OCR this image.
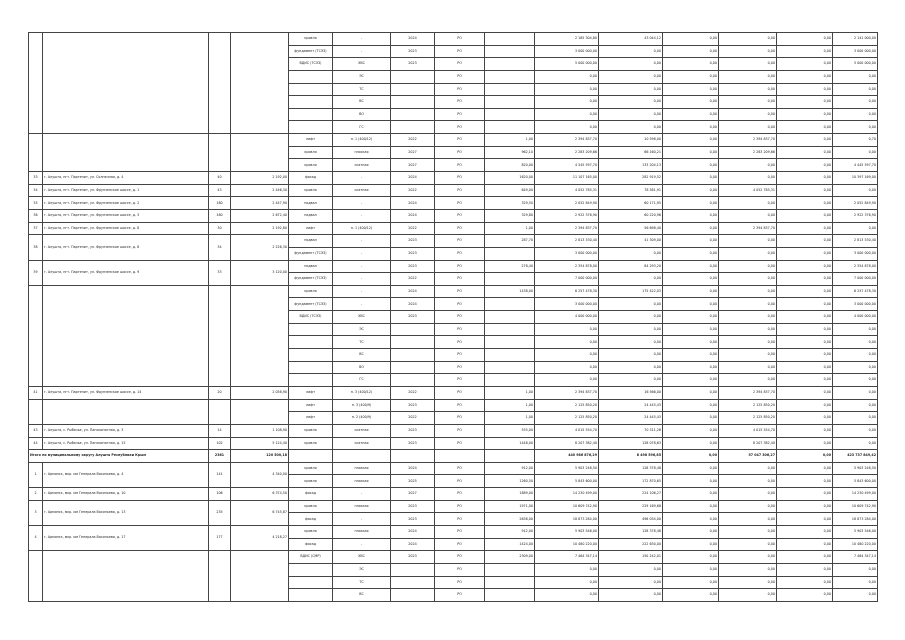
				кровля	-	2024	РО		2 185 304,80	43 044,12	0,00	0,00	0,00	2 141 000,00
				фундамент (ТСЭЗ)	-	2023	РО		3 000 000,00	0,00	0,00	0,00	0,00	3 000 000,00
				ВДИС (ТСЭЗ)	ХВС	2023	РО		5 000 000,00	0,00	0,00	0,00	0,00	5 000 000,00
					ЭС		РО		0,00	0,00	0,00	0,00	0,00	0,00
					ТС		РО		0,00	0,00	0,00	0,00	0,00	0,00
					ВС		РО		0,00	0,00	0,00	0,00	0,00	0,00
					ВО		РО		0,00	0,00	0,00	0,00	0,00	0,00
					ГС		РО		0,00	0,00	0,00	0,00	0,00	0,00
				лифт	п. 1 (400/12)	2022	РО	1,00	2 394 837,70	10 598,00	0,00	2 394 837,70	0,00	0,70
				кровля	плоская	2027	РО	962,10	2 283 209,66	66 160,21	0,00	2 283 209,66	0,00	0,00
				кровля	скатная	2027	РО	820,00	4 545 597,70	133 204,13	0,00	0,00	0,00	4 445 597,70
33	г. Алушта, пгт. Партенит, ул. Солнечная, д. 4	40	2 192,00	фасад	-	2024	РО	1620,00	11 107 165,00	282 919,52	0,00	0,00	0,00	10 397 169,00
34	г. Алушта, пгт. Партенит, ул. Фрунзенское шоссе, д. 1	43	2 446,30	кровля	скатная	2022	РО	649,00	4 052 785,31	78 581,91	0,00	4 052 785,31	0,00	0,00
35	г. Алушта, пгт. Партенит, ул. Фрунзенское шоссе, д. 2	180	2 447,90	подвал	-	2024	РО	329,50	2 052 849,90	60 171,95	0,00	0,00	0,00	2 052 849,90
36	г. Алушта, пгт. Партенит, ул. Фрунзенское шоссе, д. 3	180	2 672,40	подвал	-	2024	РО	329,80	2 922 376,90	60 220,96	0,00	0,00	0,00	2 922 376,90
37	г. Алушта, пгт. Партенит, ул. Фрунзенское шоссе, д. 8	30	2 192,80	лифт	п. 1 (400/12)	2022	РО	1,00	2 394 837,70	56 698,40	0,00	2 394 837,70	0,00	0,00
38	г. Алушта, пгт. Партенит, ул. Фрунзенское шоссе, д. 8	34	2 226,30	подвал	-	2023	РО	287,70	2 813 530,40	41 309,00	0,00	0,00	0,00	2 813 530,40
				фундамент (ТСЭЗ)	-	2023	РО		3 000 000,00	0,00	0,00	0,00	0,00	3 000 000,00
39	г. Алушта, пгт. Партенит, ул. Фрунзенское шоссе, д. 9	33	3 120,00	подвал	-	2023	РО	278,40	2 354 878,00	84 293,20	0,00	0,00	0,00	2 354 878,00
				фундамент (ТСЭЗ)	-	2022	РО		7 000 000,00	0,00	0,00	0,00	0,00	7 000 000,00
				кровля	-	2024	РО	1438,00	6 257 478,30	175 422,03	0,00	0,00	0,00	6 257 478,30
				фундамент (ТСЭЗ)	-	2024	РО		3 000 000,00	0,00	0,00	0,00	0,00	3 000 000,00
				ВДИС (ТСЭЗ)	ХВС	2023	РО		4 000 000,00	0,00	0,00	0,00	0,00	4 000 000,00
					ЭС		РО		0,00	0,00	0,00	0,00	0,00	0,00
					ТС		РО		0,00	0,00	0,00	0,00	0,00	0,00
					ВС		РО		0,00	0,00	0,00	0,00	0,00	0,00
					ВО		РО		0,00	0,00	0,00	0,00	0,00	0,00
					ГС		РО		0,00	0,00	0,00	0,00	0,00	0,00
41	г. Алушта, пгт. Партенит, ул. Фрунзенское шоссе, д. 14	20	2 058,90	лифт	п. 3 (400/12)	2022	РО	1,00	2 394 837,70	16 566,00	0,00	2 394 837,70	0,00	0,00
				лифт	п. 3 (400/9)	2023	РО	1,00	2 125 850,20	24 445,43	0,00	2 125 850,20	0,00	0,00
				лифт	п. 2 (400/9)	2022	РО	1,00	2 125 850,20	24 445,43	0,00	2 125 850,20	0,00	0,00
43	г. Алушта, с. Рыбачье, ул. Пансионатная, д. 3	14	1 108,90	кровля	скатная	2023	РО	555,00	4 015 554,70	70 311,26	0,00	4 015 554,70	0,00	0,00
44	г. Алушта, с. Рыбачье, ул. Пансионатная, д. 15	102	5 124,40	кровля	скатная	2023	РО	1448,00	8 207 382,40	128 078,63	0,00	8 207 382,40	0,00	0,00
Итого по муниципальному округу Алушта Республики Крым		2361	120 500,18						440 986 876,29	8 498 596,85	0,00	57 047 306,27	0,00	423 737 849,42
1	г. Армянск, мкр. им Генерала Васильева, д. 4	141	4 340,00	кровля	плоская	2024	РО	912,00	5 903 248,50	128 378,48	0,00	0,00	0,00	5 903 248,50
				кровля	плоская	2025	РО	1260,50	5 843 600,00	172 870,65	0,00	0,00	0,00	5 843 600,00
2	г. Армянск, мкр. им Генерала Васильева, д. 10	106	6 374,50	фасад	-	2027	РО	1889,00	14 230 499,00	224 106,27	0,00	0,00	0,00	14 230 499,00
3	г. Армянск, мкр. им Генерала Васильева, д. 13	235	6 745,87	кровля	плоская	2023	РО	1971,00	10 609 742,90	229 169,68	0,00	0,00	0,00	10 609 742,90
				фасад	-	2023	РО	2638,00	18 873 284,00	496 034,00	0,00	0,00	0,00	18 873 284,00
4	г. Армянск, мкр. им Генерала Васильева, д. 17	177	4 218,27	кровля	плоская	2024	РО	912,00	5 903 546,00	128 378,48	0,00	0,00	0,00	5 903 546,00
				фасад	-	2024	РО	1424,00	10 480 220,00	222 630,00	0,00	0,00	0,00	10 480 220,00
				ВДИС (СМР)	ХВС	2023	РО	2309,00	7 464 347,14	150 242,01	0,00	0,00	0,00	7 464 347,14
					ЭС		РО		0,00	0,00	0,00	0,00	0,00	0,00
					ТС		РО		0,00	0,00	0,00	0,00	0,00	0,00
					ВС		РО		0,00	0,00	0,00	0,00	0,00	0,00
